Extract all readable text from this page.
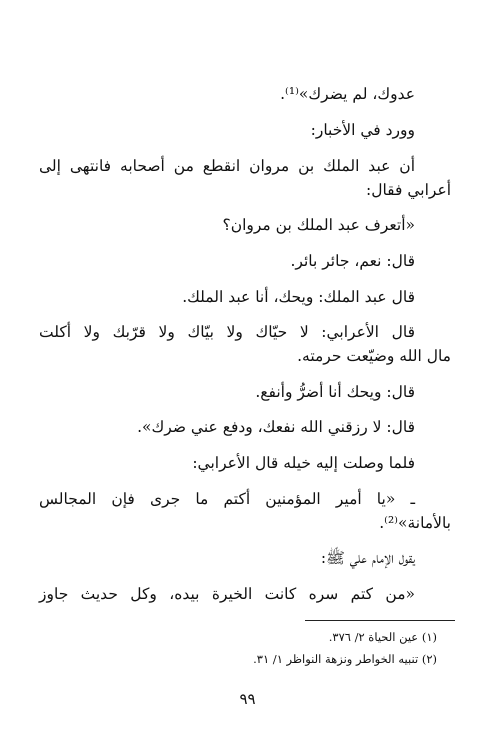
عدوك، لم يضرك»⁽¹⁾.
وورد في الأخبار:
أن عبد الملك بن مروان انقطع من أصحابه فانتهى إلى
أعرابي فقال:
«أتعرف عبد الملك بن مروان؟
قال: نعم، جائر بائر.
قال عبد الملك: ويحك، أنا عبد الملك.
قال الأعرابي: لا حيّاك ولا بيّاك ولا قرّبك ولا أكلت
مال الله وضيّعت حرمته.
قال: ويحك أنا أضرُّ وأنفع.
قال: لا رزقني الله نفعك، ودفع عني ضرك».
فلما وصلت إليه خيله قال الأعرابي:
ـ «يا أمير المؤمنين أكتم ما جرى فإن المجالس
بالأمانة»⁽²⁾.
يقول الإمام علي ﷺ:
«من كتم سره كانت الخيرة بيده، وكل حديث جاوز
(١) عين الحياة ٢/ ٣٧٦.
(٢) تنبيه الخواطر ونزهة النواظر ١/ ٣١.
٩٩
